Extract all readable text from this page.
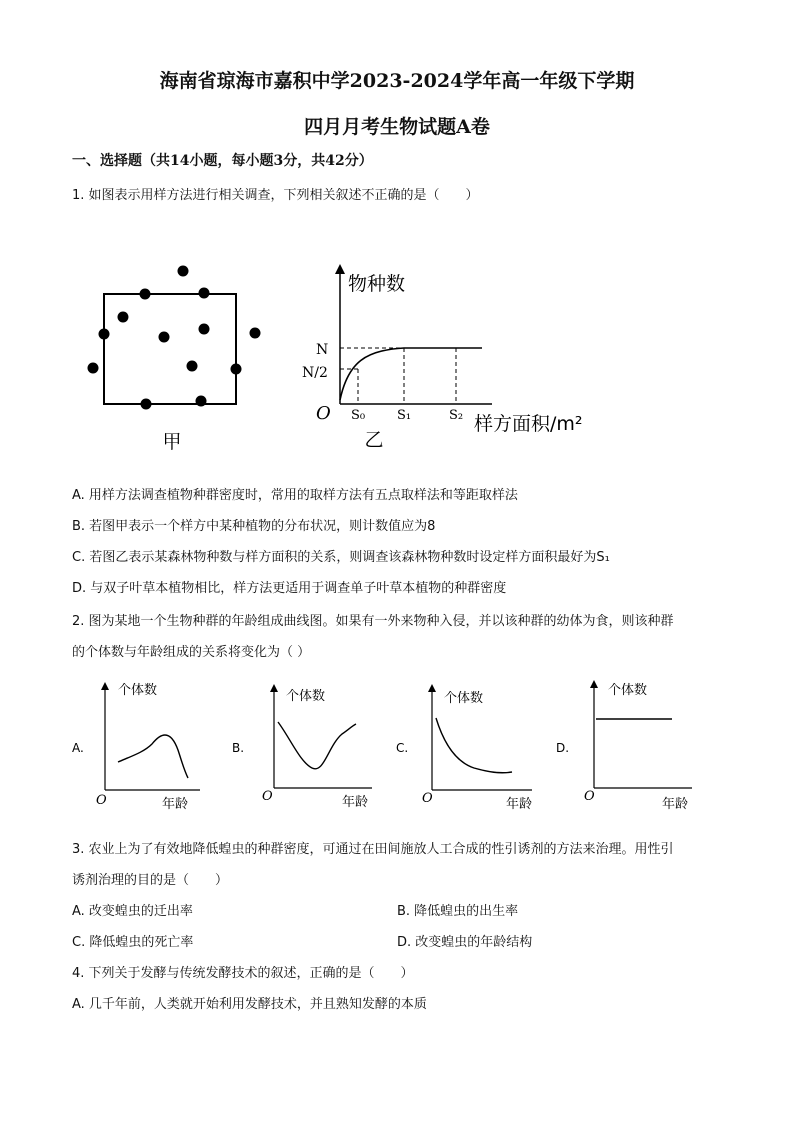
海南省琼海市嘉积中学2023-2024学年高一年级下学期
四月月考生物试题A卷
一、选择题（共14小题，每小题3分，共42分）
1. 如图表示用样方法进行相关调查，下列相关叙述不正确的是（　　）
甲
物种数
N
N/2
O S₀ S₁	S₂ 样方面积/m²
乙
A. 用样方法调查植物种群密度时，常用的取样方法有五点取样法和等距取样法
B. 若图甲表示一个样方中某种植物的分布状况，则计数值应为8
C. 若图乙表示某森林物种数与样方面积的关系，则调查该森林物种数时设定样方面积最好为S₁
D. 与双子叶草本植物相比，样方法更适用于调查单子叶草本植物的种群密度
2. 图为某地一个生物种群的年龄组成曲线图。如果有一外来物种入侵，并以该种群的幼体为食，则该种群
的个体数与年龄组成的关系将变化为（ ）
A.
个体数
O	年龄
B.
个体数
O	年龄
C.
个体数
O	年龄
D.
个体数
O
年龄
3. 农业上为了有效地降低蝗虫的种群密度，可通过在田间施放人工合成的性引诱剂的方法来治理。用性引
诱剂治理的目的是（　　）
A. 改变蝗虫的迁出率	B. 降低蝗虫的出生率
C. 降低蝗虫的死亡率	D. 改变蝗虫的年龄结构
4. 下列关于发酵与传统发酵技术的叙述，正确的是（　　）
A. 几千年前，人类就开始利用发酵技术，并且熟知发酵的本质
